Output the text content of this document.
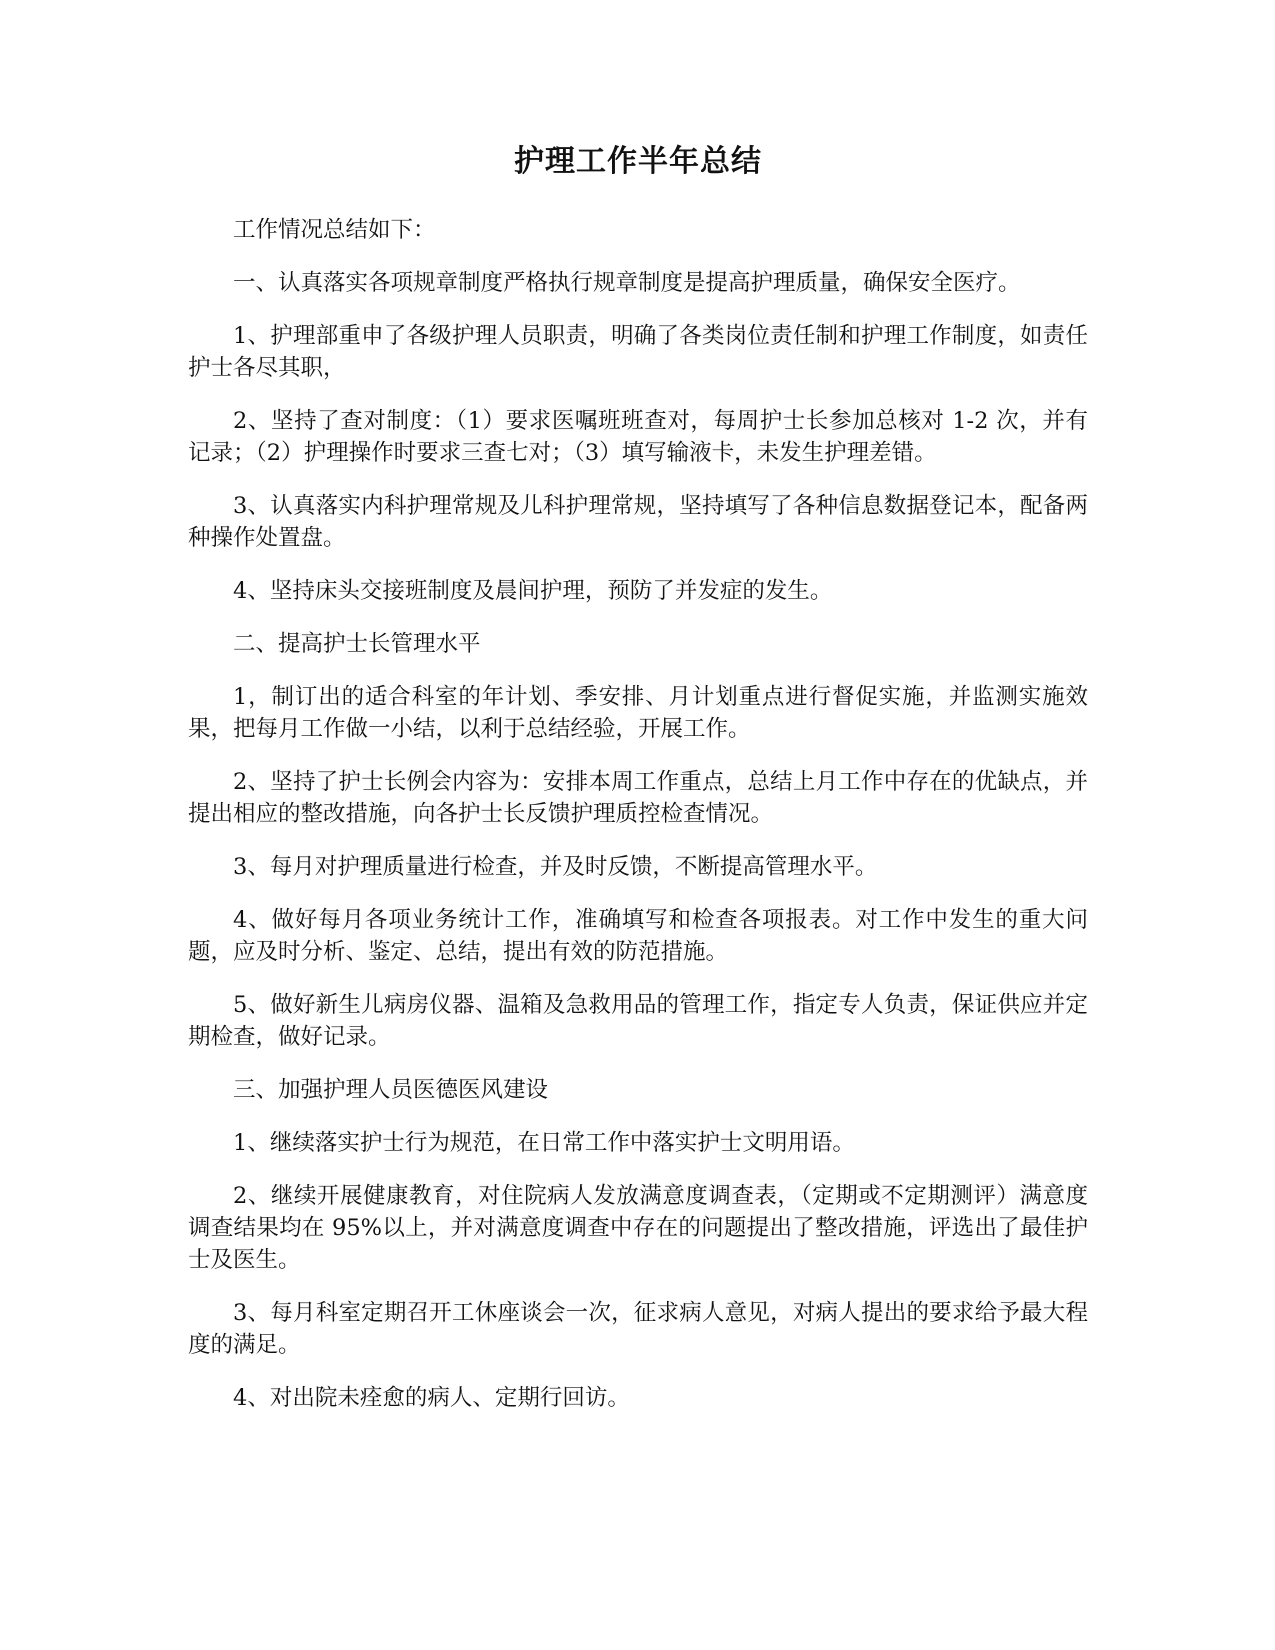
护理工作半年总结

工作情况总结如下：

一、认真落实各项规章制度严格执行规章制度是提高护理质量，确保安全医疗。

1、护理部重申了各级护理人员职责，明确了各类岗位责任制和护理工作制度，如责任护士各尽其职，

2、坚持了查对制度：（1）要求医嘱班班查对，每周护士长参加总核对 1-2 次，并有记录；（2）护理操作时要求三查七对；（3）填写输液卡，未发生护理差错。

3、认真落实内科护理常规及儿科护理常规，坚持填写了各种信息数据登记本，配备两种操作处置盘。

4、坚持床头交接班制度及晨间护理，预防了并发症的发生。

二、提高护士长管理水平

1，制订出的适合科室的年计划、季安排、月计划重点进行督促实施，并监测实施效果，把每月工作做一小结，以利于总结经验，开展工作。

2、坚持了护士长例会内容为：安排本周工作重点，总结上月工作中存在的优缺点，并提出相应的整改措施，向各护士长反馈护理质控检查情况。

3、每月对护理质量进行检查，并及时反馈，不断提高管理水平。

4、做好每月各项业务统计工作，准确填写和检查各项报表。对工作中发生的重大问题，应及时分析、鉴定、总结，提出有效的防范措施。

5、做好新生儿病房仪器、温箱及急救用品的管理工作，指定专人负责，保证供应并定期检查，做好记录。

三、加强护理人员医德医风建设

1、继续落实护士行为规范，在日常工作中落实护士文明用语。

2、继续开展健康教育，对住院病人发放满意度调查表，（定期或不定期测评）满意度调查结果均在 95%以上，并对满意度调查中存在的问题提出了整改措施，评选出了最佳护 士及医生。

3、每月科室定期召开工休座谈会一次，征求病人意见，对病人提出的要求给予最大程度的满足。

4、对出院未痊愈的病人、定期行回访。
